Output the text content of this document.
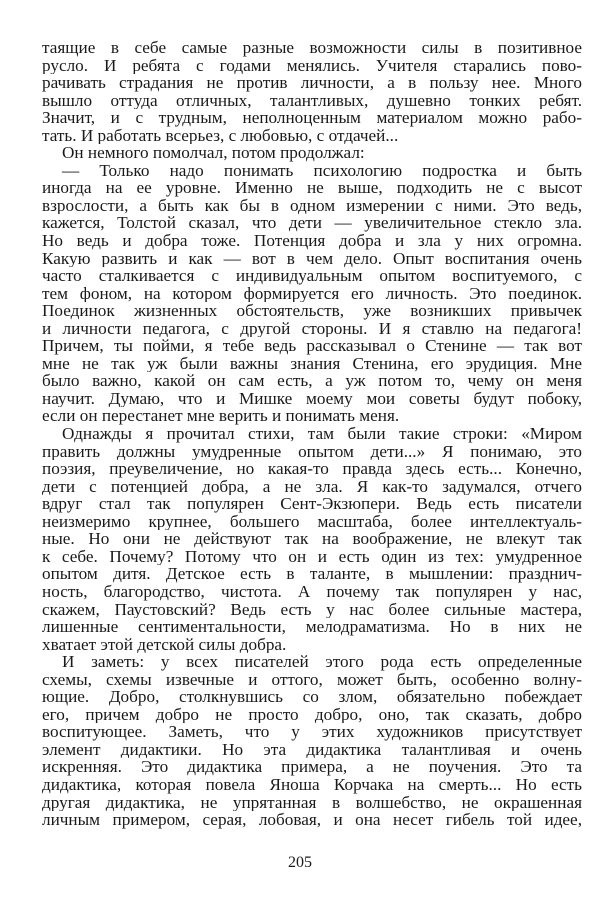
таящие в себе самые разные возможности силы в позитивное
русло. И ребята с годами менялись. Учителя старались пово-
рачивать страдания не против личности, а в пользу нее. Много
вышло оттуда отличных, талантливых, душевно тонких ребят.
Значит, и с трудным, неполноценным материалом можно рабо-
тать. И работать всерьез, с любовью, с отдачей...
Он немного помолчал, потом продолжал:
— Только надо понимать психологию подростка и быть
иногда на ее уровне. Именно не выше, подходить не с высот
взрослости, а быть как бы в одном измерении с ними. Это ведь,
кажется, Толстой сказал, что дети — увеличительное стекло зла.
Но ведь и добра тоже. Потенция добра и зла у них огромна.
Какую развить и как — вот в чем дело. Опыт воспитания очень
часто сталкивается с индивидуальным опытом воспитуемого, с
тем фоном, на котором формируется его личность. Это поединок.
Поединок жизненных обстоятельств, уже возникших привычек
и личности педагога, с другой стороны. И я ставлю на педагога!
Причем, ты пойми, я тебе ведь рассказывал о Стенине — так вот
мне не так уж были важны знания Стенина, его эрудиция. Мне
было важно, какой он сам есть, а уж потом то, чему он меня
научит. Думаю, что и Мишке моему мои советы будут побоку,
если он перестанет мне верить и понимать меня.
Однажды я прочитал стихи, там были такие строки: «Миром
править должны умудренные опытом дети...» Я понимаю, это
поэзия, преувеличение, но какая-то правда здесь есть... Конечно,
дети с потенцией добра, а не зла. Я как-то задумался, отчего
вдруг стал так популярен Сент-Экзюпери. Ведь есть писатели
неизмеримо крупнее, большего масштаба, более интеллектуаль-
ные. Но они не действуют так на воображение, не влекут так
к себе. Почему? Потому что он и есть один из тех: умудренное
опытом дитя. Детское есть в таланте, в мышлении: празднич-
ность, благородство, чистота. А почему так популярен у нас,
скажем, Паустовский? Ведь есть у нас более сильные мастера,
лишенные сентиментальности, мелодраматизма. Но в них не
хватает этой детской силы добра.
И заметь: у всех писателей этого рода есть определенные
схемы, схемы извечные и оттого, может быть, особенно волну-
ющие. Добро, столкнувшись со злом, обязательно побеждает
его, причем добро не просто добро, оно, так сказать, добро
воспитующее. Заметь, что у этих художников присутствует
элемент дидактики. Но эта дидактика талантливая и очень
искренняя. Это дидактика примера, а не поучения. Это та
дидактика, которая повела Яноша Корчака на смерть... Но есть
другая дидактика, не упрятанная в волшебство, не окрашенная
личным примером, серая, лобовая, и она несет гибель той идее,
205
